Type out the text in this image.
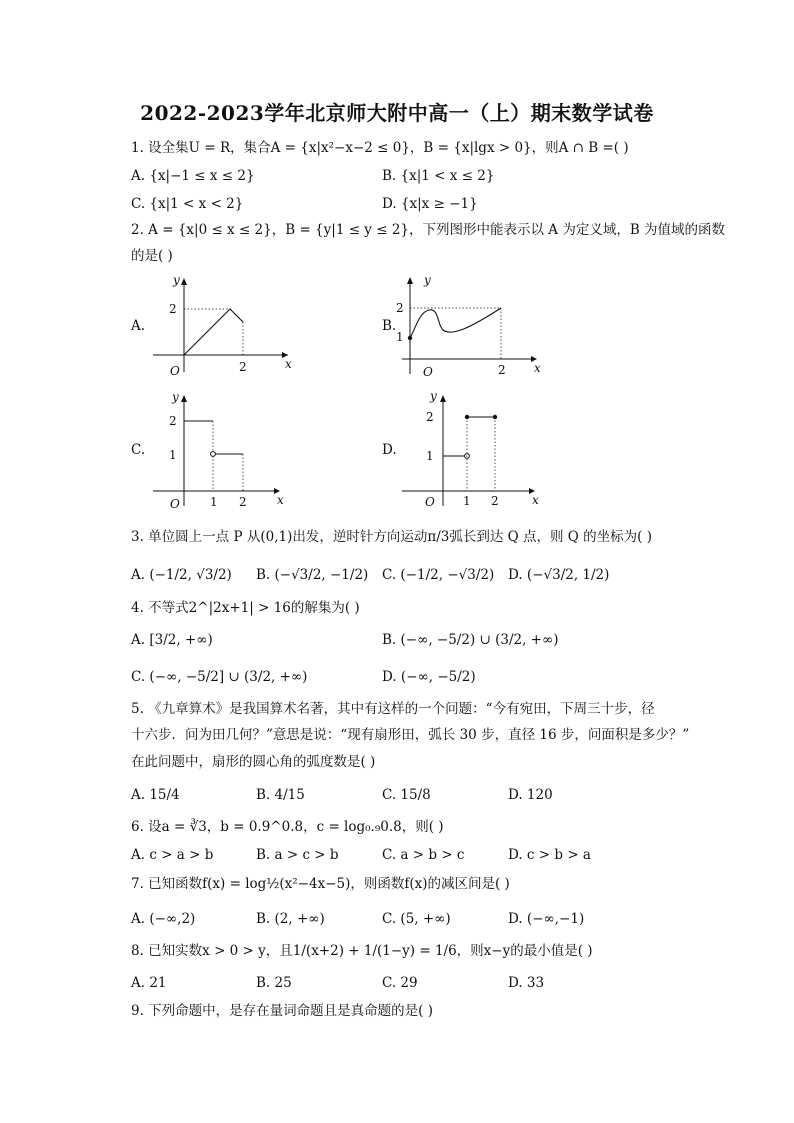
2022-2023学年北京师大附中高一（上）期末数学试卷
1. 设全集U = R，集合A = {x|x²−x−2 ≤ 0}，B = {x|lgx > 0}，则A ∩ B =( )
A. {x|−1 ≤ x ≤ 2}	B. {x|1 < x ≤ 2}
C. {x|1 < x < 2}	D. {x|x ≥ −1}
2. A = {x|0 ≤ x ≤ 2}，B = {y|1 ≤ y ≤ 2}，下列图形中能表示以 A 为定义域，B 为值域的函数
的是( )
A.
y
x
O
2
2
B.
y
x
O
2
1
2
C.
y
x
O
2
1
1 2
D.
y
x
O
2
1
1 2
3. 单位圆上一点 P 从(0,1)出发，逆时针方向运动π/3弧长到达 Q 点，则 Q 的坐标为( )
A. (−1/2, √3/2) B. (−√3/2, −1/2) C. (−1/2, −√3/2) D. (−√3/2, 1/2)
4. 不等式2^|2x+1| > 16的解集为( )
A. [3/2, +∞)	B. (−∞, −5/2) ∪ (3/2, +∞)
C. (−∞, −5/2] ∪ (3/2, +∞)	D. (−∞, −5/2)
5. 《九章算术》是我国算术名著，其中有这样的一个问题：“今有宛田，下周三十步，径
十六步．问为田几何？”意思是说：“现有扇形田，弧长 30 步，直径 16 步，问面积是多少？”
在此问题中，扇形的圆心角的弧度数是( )
A. 15/4	B. 4/15	C. 15/8	D. 120
6. 设a = ∛3，b = 0.9^0.8，c = log₀.₉0.8，则( )
A. c > a > b	B. a > c > b	C. a > b > c	D. c > b > a
7. 已知函数f(x) = log½(x²−4x−5)，则函数f(x)的减区间是( )
A. (−∞,2)	B. (2, +∞)	C. (5, +∞)	D. (−∞,−1)
8. 已知实数x > 0 > y，且1/(x+2) + 1/(1−y) = 1/6，则x−y的最小值是( )
A. 21	B. 25	C. 29	D. 33
9. 下列命题中，是存在量词命题且是真命题的是( )
